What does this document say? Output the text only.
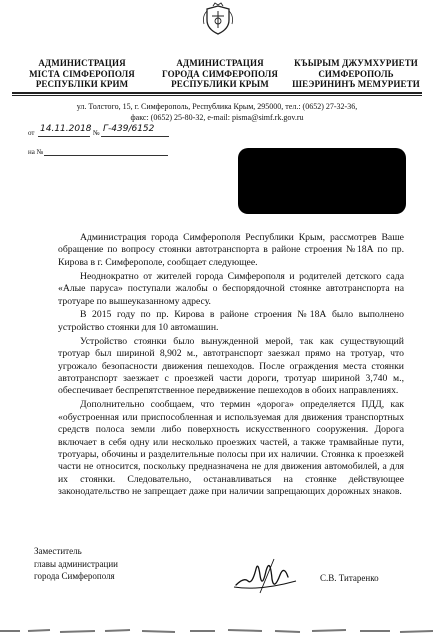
АДМИНИСТРАЦИЯ
МІСТА СІМФЕРОПОЛЯ
РЕСПУБЛІКИ КРИМ
АДМИНИСТРАЦИЯ
ГОРОДА СИМФЕРОПОЛЯ
РЕСПУБЛИКИ КРЫМ
КЪЫРЫМ ДЖУМХУРИЕТИ
СИМФЕРОПОЛЬ
ШЕЭРИНИНЪ МЕМУРИЕТИ
ул. Толстого, 15, г. Симферополь, Республика Крым, 295000, тел.: (0652) 27-32-36,
факс: (0652) 25-80-32, e-mail: pisma@simf.rk.gov.ru
от 14.11.2018 № Г-439/6152
на №

Администрация города Симферополя Республики Крым, рассмотрев Ваше обращение по вопросу стоянки автотранспорта в районе строения №18А по пр. Кирова в г. Симферополе, сообщает следующее.

Неоднократно от жителей города Симферополя и родителей детского сада «Алые паруса» поступали жалобы о беспорядочной стоянке автотранспорта на тротуаре по вышеуказанному адресу.

В 2015 году по пр. Кирова в районе строения №18А было выполнено устройство стоянки для 10 автомашин.

Устройство стоянки было вынужденной мерой, так как существующий тротуар был шириной 8,902 м., автотранспорт заезжал прямо на тротуар, что угрожало безопасности движения пешеходов. После ограждения места стоянки автотранспорт заезжает с проезжей части дороги, тротуар шириной 3,740 м., обеспечивает беспрепятственное передвижение пешеходов в обоих направлениях.

Дополнительно сообщаем, что термин «дорога» определяется ПДД, как «обустроенная или приспособленная и используемая для движения транспортных средств полоса земли либо поверхность искусственного сооружения. Дорога включает в себя одну или несколько проезжих частей, а также трамвайные пути, тротуары, обочины и разделительные полосы при их наличии. Стоянка к проезжей части не относится, поскольку предназначена не для движения автомобилей, а для их стоянки. Следовательно, останавливаться на стоянке действующее законодательство не запрещает даже при наличии запрещающих дорожных знаков.

Заместитель
главы администрации
города Симферополя	С.В. Титаренко
